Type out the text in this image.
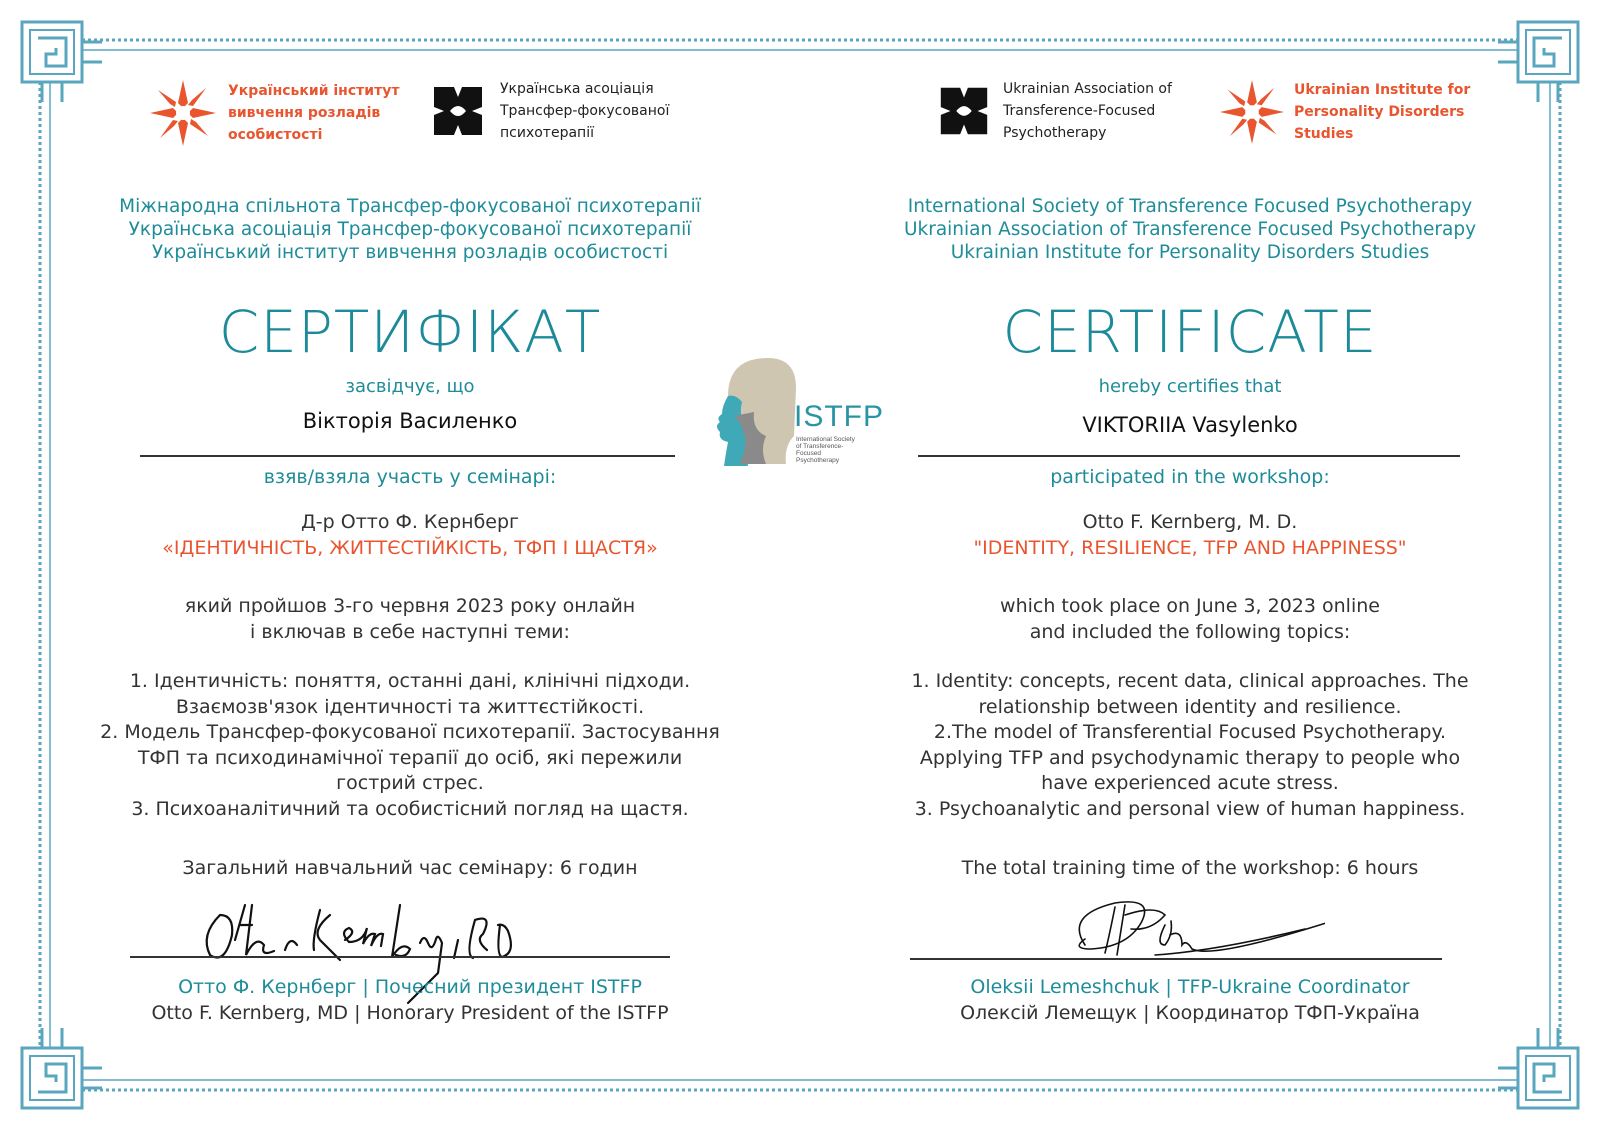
Український інститут
вивчення розладів
особистості
Українська асоціація
Трансфер-фокусованої
психотерапії
Міжнародна спільнота Трансфер-фокусованої психотерапії
Українська асоціація Трансфер-фокусованої психотерапії
Український інститут вивчення розладів особистості
СЕРТИФІКАТ
засвідчує, що
Вікторія Василенко
взяв/взяла участь у семінарі:
Д-р Отто Ф. Кернберг
«ІДЕНТИЧНІСТЬ, ЖИТТЄСТІЙКІСТЬ, ТФП І ЩАСТЯ»
який пройшов 3-го червня 2023 року онлайн
і включав в себе наступні теми:
1. Ідентичність: поняття, останні дані, клінічні підходи.
Взаємозв'язок ідентичності та життєстійкості.
2. Модель Трансфер-фокусованої психотерапії. Застосування
ТФП та психодинамічної терапії до осіб, які пережили
гострий стрес.
3. Психоаналітичний та особистісний погляд на щастя.
Загальний навчальний час семінару: 6 годин
Отто Ф. Кернберг | Почесний президент ISTFP
Otto F. Kernberg, MD | Honorary President of the ISTFP
ISTFP
International Society
of Transference-Focused
Psychotherapy
Ukrainian Association of
Transference-Focused
Psychotherapy
Ukrainian Institute for
Personality Disorders
Studies
International Society of Transference Focused Psychotherapy
Ukrainian Association of Transference Focused Psychotherapy
Ukrainian Institute for Personality Disorders Studies
CERTIFICATE
hereby certifies that
VIKTORIIA Vasylenko
participated in the workshop:
Otto F. Kernberg, M. D.
"IDENTITY, RESILIENCE, TFP AND HAPPINESS"
which took place on June 3, 2023 online
and included the following topics:
1. Identity: concepts, recent data, clinical approaches. The
relationship between identity and resilience.
2.The model of Transferential Focused Psychotherapy.
Applying TFP and psychodynamic therapy to people who
have experienced acute stress.
3. Psychoanalytic and personal view of human happiness.
The total training time of the workshop: 6 hours
Oleksii Lemeshchuk | TFP-Ukraine Coordinator
Олексій Лемещук | Координатор ТФП-Україна
